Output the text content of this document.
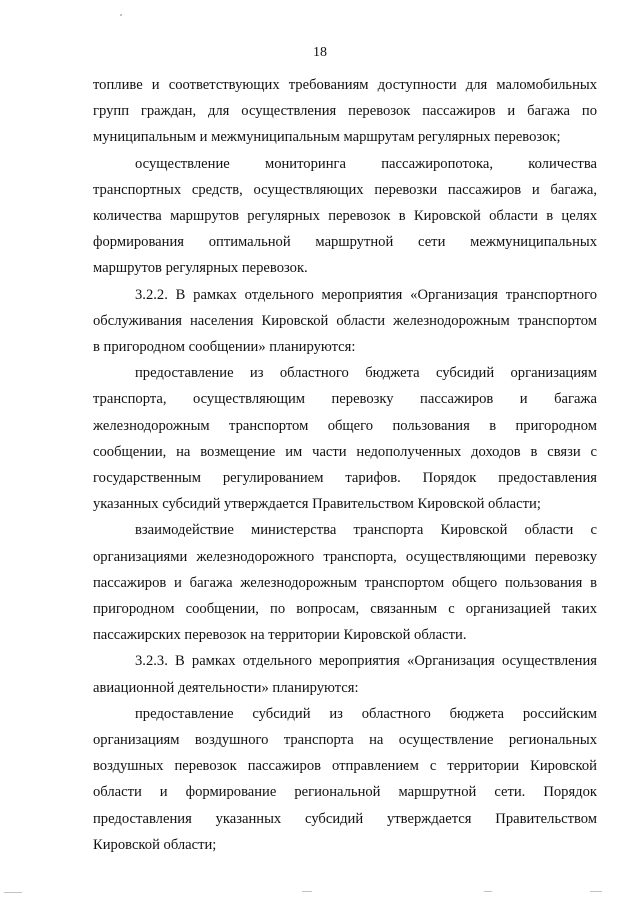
18
топливе и соответствующих требованиям доступности для маломобильных
групп граждан, для осуществления перевозок пассажиров и багажа по
муниципальным и межмуниципальным маршрутам регулярных перевозок;
осуществление мониторинга пассажиропотока, количества
транспортных средств, осуществляющих перевозки пассажиров и багажа,
количества маршрутов регулярных перевозок в Кировской области в целях
формирования оптимальной маршрутной сети межмуниципальных
маршрутов регулярных перевозок.
3.2.2. В рамках отдельного мероприятия «Организация транспортного
обслуживания населения Кировской области железнодорожным транспортом
в пригородном сообщении» планируются:
предоставление из областного бюджета субсидий организациям
транспорта, осуществляющим перевозку пассажиров и багажа
железнодорожным транспортом общего пользования в пригородном
сообщении, на возмещение им части недополученных доходов в связи с
государственным регулированием тарифов. Порядок предоставления
указанных субсидий утверждается Правительством Кировской области;
взаимодействие министерства транспорта Кировской области с
организациями железнодорожного транспорта, осуществляющими перевозку
пассажиров и багажа железнодорожным транспортом общего пользования в
пригородном сообщении, по вопросам, связанным с организацией таких
пассажирских перевозок на территории Кировской области.
3.2.3. В рамках отдельного мероприятия «Организация осуществления
авиационной деятельности» планируются:
предоставление субсидий из областного бюджета российским
организациям воздушного транспорта на осуществление региональных
воздушных перевозок пассажиров отправлением с территории Кировской
области и формирование региональной маршрутной сети. Порядок
предоставления указанных субсидий утверждается Правительством
Кировской области;
